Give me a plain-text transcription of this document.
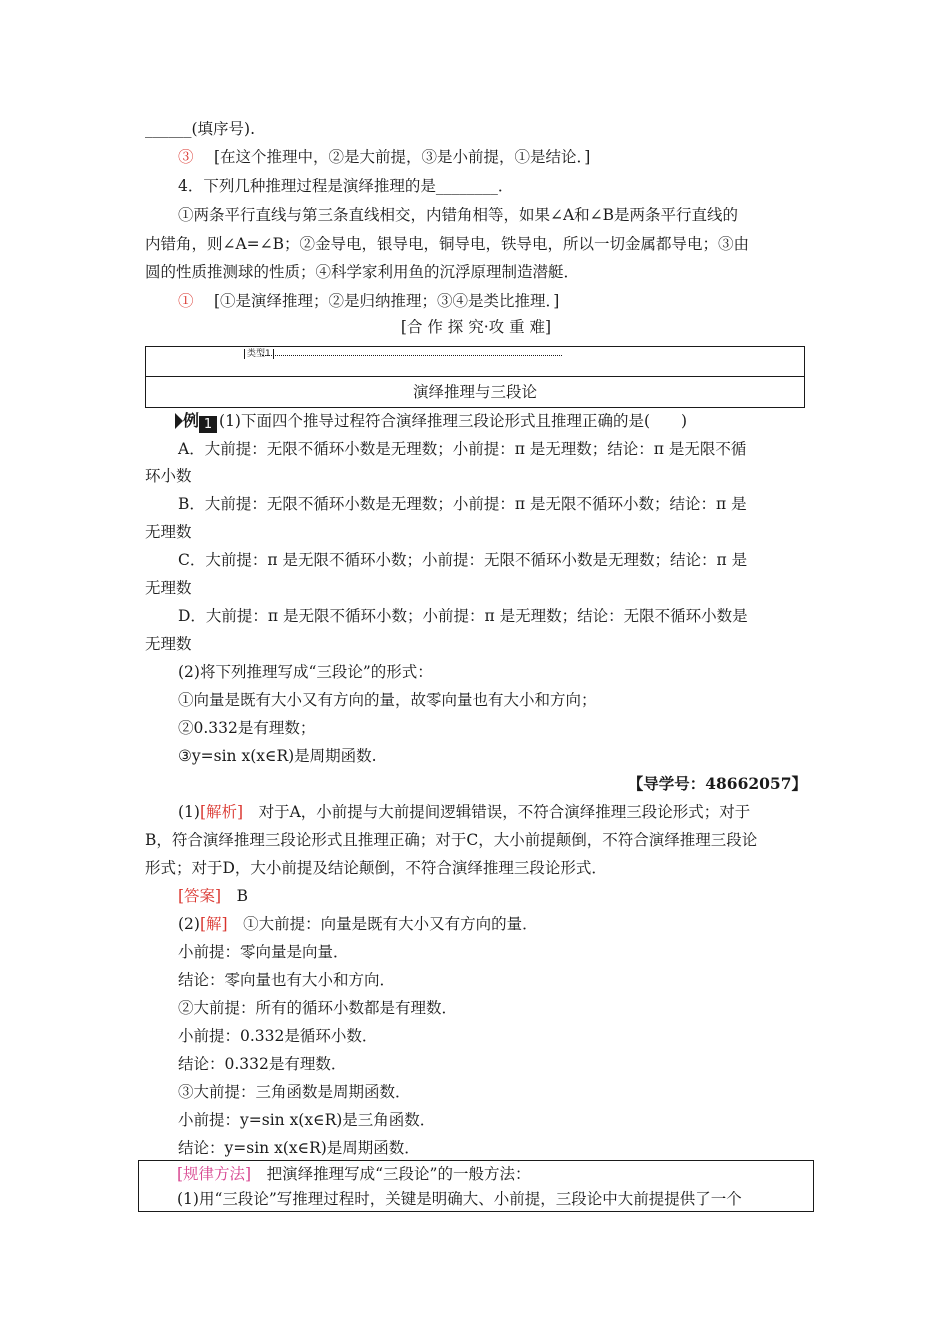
______(填序号).
③　 [在这个推理中，②是大前提，③是小前提，①是结论．]
4．下列几种推理过程是演绎推理的是________．
①两条平行直线与第三条直线相交，内错角相等，如果∠A和∠B是两条平行直线的
内错角，则∠A=∠B；②金导电，银导电，铜导电，铁导电，所以一切金属都导电；③由
圆的性质推测球的性质；④科学家利用鱼的沉浮原理制造潜艇．
①　 [①是演绎推理；②是归纳推理；③④是类比推理．]
[合 作 探 究·攻 重 难]
演绎推理与三段论
类型1
例 1 (1)下面四个推导过程符合演绎推理三段论形式且推理正确的是(　　)
A．大前提：无限不循环小数是无理数；小前提：π 是无理数；结论：π 是无限不循
环小数
B．大前提：无限不循环小数是无理数；小前提：π 是无限不循环小数；结论：π 是
无理数
C．大前提：π 是无限不循环小数；小前提：无限不循环小数是无理数；结论：π 是
无理数
D．大前提：π 是无限不循环小数；小前提：π 是无理数；结论：无限不循环小数是
无理数
(2)将下列推理写成“三段论”的形式：
①向量是既有大小又有方向的量，故零向量也有大小和方向；
②0.332是有理数；
③y=sin x(x∈R)是周期函数.
【导学号：48662057】
(1)[解析]　 对于A，小前提与大前提间逻辑错误，不符合演绎推理三段论形式；对于
B，符合演绎推理三段论形式且推理正确；对于C，大小前提颠倒，不符合演绎推理三段论
形式；对于D，大小前提及结论颠倒，不符合演绎推理三段论形式．
[答案]　 B
(2)[解]　 ①大前提：向量是既有大小又有方向的量．
小前提：零向量是向量．
结论：零向量也有大小和方向．
②大前提：所有的循环小数都是有理数．
小前提：0.332是循环小数．
结论：0.332是有理数．
③大前提：三角函数是周期函数．
小前提：y=sin x(x∈R)是三角函数．
结论：y=sin x(x∈R)是周期函数．
[规律方法]　 把演绎推理写成“三段论”的一般方法：
(1)用“三段论”写推理过程时，关键是明确大、小前提，三段论中大前提提供了一个
